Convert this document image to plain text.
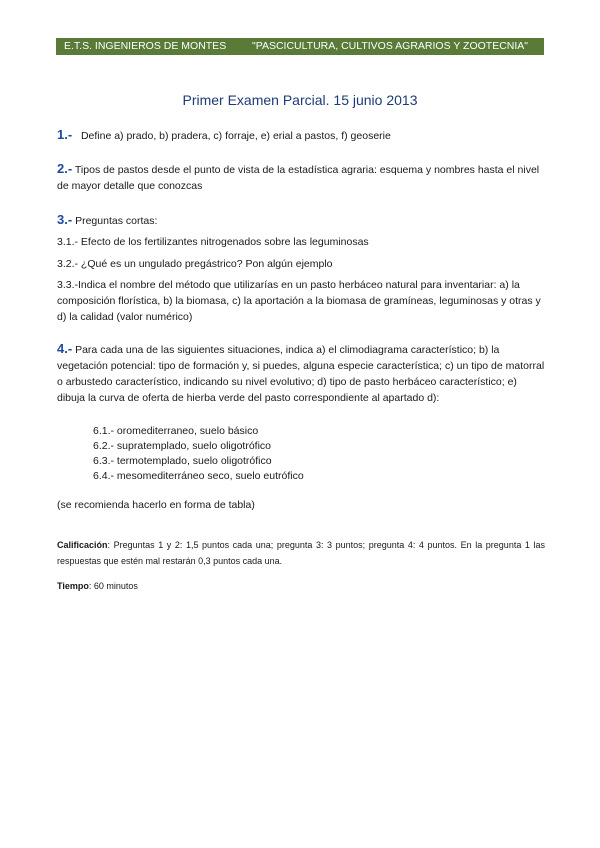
E.T.S. INGENIEROS DE MONTES "PASCICULTURA, CULTIVOS AGRARIOS Y ZOOTECNIA"
Primer Examen Parcial. 15 junio 2013
1.- Define a) prado, b) pradera, c) forraje, e) erial a pastos, f) geoserie
2.- Tipos de pastos desde el punto de vista de la estadística agraria: esquema y nombres hasta el nivel de mayor detalle que conozcas
3.- Preguntas cortas:
3.1.- Efecto de los fertilizantes nitrogenados sobre las leguminosas
3.2.- ¿Qué es un ungulado pregástrico? Pon algún ejemplo
3.3.-Indica el nombre del método que utilizarías en un pasto herbáceo natural para inventariar: a) la composición florística, b) la biomasa, c) la aportación a la biomasa de gramíneas, leguminosas y otras y d) la calidad (valor numérico)
4.- Para cada una de las siguientes situaciones, indica a) el climodiagrama característico; b) la vegetación potencial: tipo de formación y, si puedes, alguna especie característica; c) un tipo de matorral o arbustedo característico, indicando su nivel evolutivo; d) tipo de pasto herbáceo característico; e) dibuja la curva de oferta de hierba verde del pasto correspondiente al apartado d):
6.1.- oromediterraneo, suelo básico
6.2.- supratemplado, suelo oligotrófico
6.3.- termotemplado, suelo oligotrófico
6.4.- mesomediterráneo seco, suelo eutrófico
(se recomienda hacerlo en forma de tabla)
Calificación: Preguntas 1 y 2: 1,5 puntos cada una; pregunta 3: 3 puntos; pregunta 4: 4 puntos. En la pregunta 1 las respuestas que estén mal restarán 0,3 puntos cada una.
Tiempo: 60 minutos
